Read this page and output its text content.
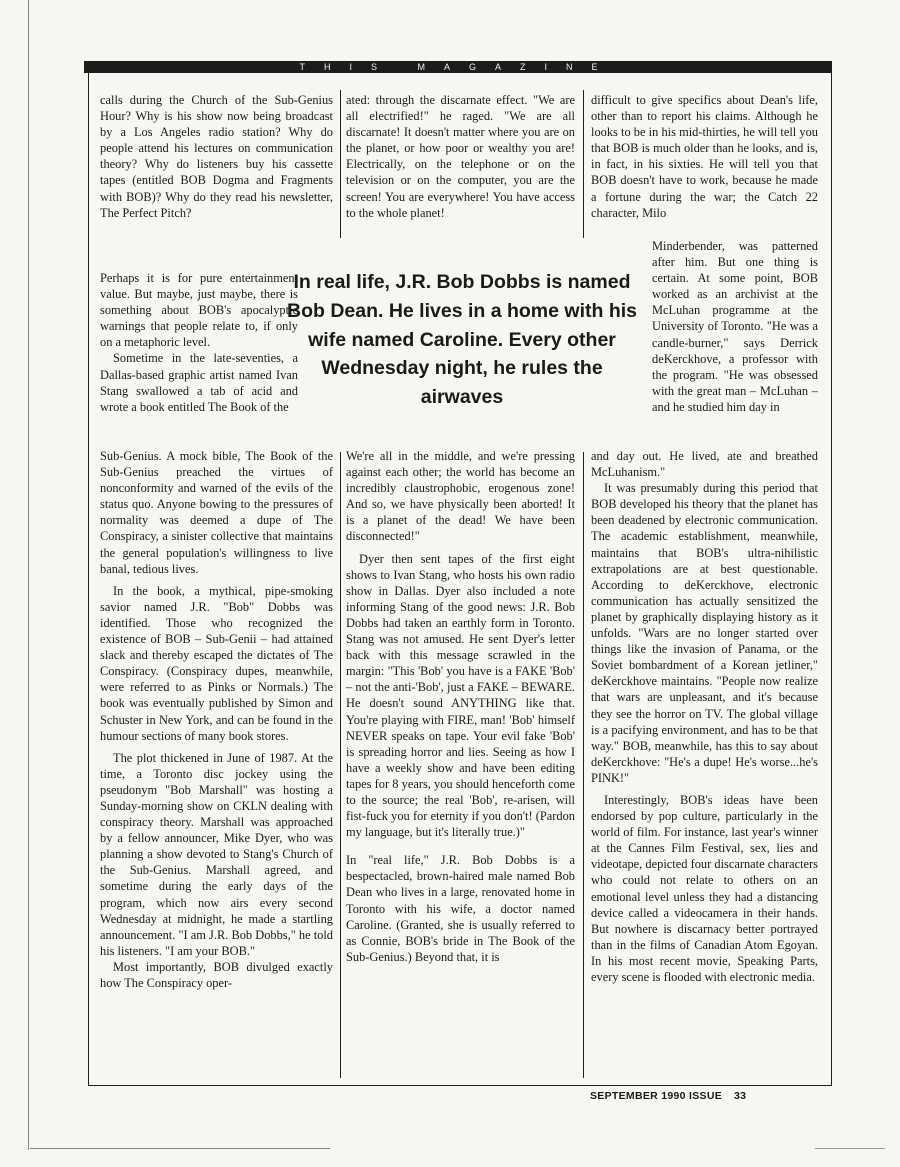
THIS MAGAZINE

calls during the Church of the Sub-Genius Hour? Why is his show now being broadcast by a Los Angeles radio station? Why do people attend his lectures on communication theory? Why do listeners buy his cassette tapes (entitled BOB Dogma and Fragments with BOB)? Why do they read his newsletter, The Perfect Pitch?

Perhaps it is for pure entertainment value. But maybe, just maybe, there is something about BOB's apocalyptic warnings that people relate to, if only on a metaphoric level.

Sometime in the late-seventies, a Dallas-based graphic artist named Ivan Stang swallowed a tab of acid and wrote a book entitled The Book of the

Sub-Genius. A mock bible, The Book of the Sub-Genius preached the virtues of nonconformity and warned of the evils of the status quo. Anyone bowing to the pressures of normality was deemed a dupe of The Conspiracy, a sinister collective that maintains the general population's willingness to live banal, tedious lives.

In the book, a mythical, pipe-smoking savior named J.R. "Bob" Dobbs was identified. Those who recognized the existence of BOB – Sub-Genii – had attained slack and thereby escaped the dictates of The Conspiracy. (Conspiracy dupes, meanwhile, were referred to as Pinks or Normals.) The book was eventually published by Simon and Schuster in New York, and can be found in the humour sections of many book stores.

The plot thickened in June of 1987. At the time, a Toronto disc jockey using the pseudonym "Bob Marshall" was hosting a Sunday-morning show on CKLN dealing with conspiracy theory. Marshall was approached by a fellow announcer, Mike Dyer, who was planning a show devoted to Stang's Church of the Sub-Genius. Marshall agreed, and sometime during the early days of the program, which now airs every second Wednesday at midnight, he made a startling announcement. "I am J.R. Bob Dobbs," he told his listeners. "I am your BOB."

Most importantly, BOB divulged exactly how The Conspiracy oper-

ated: through the discarnate effect. "We are all electrified!" he raged. "We are all discarnate! It doesn't matter where you are on the planet, or how poor or wealthy you are! Electrically, on the telephone or on the television or on the computer, you are the screen! You are everywhere! You have access to the whole planet!

We're all in the middle, and we're pressing against each other; the world has become an incredibly claustrophobic, erogenous zone! And so, we have physically been aborted! It is a planet of the dead! We have been disconnected!"

Dyer then sent tapes of the first eight shows to Ivan Stang, who hosts his own radio show in Dallas. Dyer also included a note informing Stang of the good news: J.R. Bob Dobbs had taken an earthly form in Toronto. Stang was not amused. He sent Dyer's letter back with this message scrawled in the margin: "This 'Bob' you have is a FAKE 'Bob' – not the anti-'Bob', just a FAKE – BEWARE. He doesn't sound ANYTHING like that. You're playing with FIRE, man! 'Bob' himself NEVER speaks on tape. Your evil fake 'Bob' is spreading horror and lies. Seeing as how I have a weekly show and have been editing tapes for 8 years, you should henceforth come to the source; the real 'Bob', re-arisen, will fist-fuck you for eternity if you don't! (Pardon my language, but it's literally true.)"

In "real life," J.R. Bob Dobbs is a bespectacled, brown-haired male named Bob Dean who lives in a large, renovated home in Toronto with his wife, a doctor named Caroline. (Granted, she is usually referred to as Connie, BOB's bride in The Book of the Sub-Genius.) Beyond that, it is

difficult to give specifics about Dean's life, other than to report his claims. Although he looks to be in his mid-thirties, he will tell you that BOB is much older than he looks, and is, in fact, in his sixties. He will tell you that BOB doesn't have to work, because he made a fortune during the war; the Catch 22 character, Milo

Minderbender, was patterned after him. But one thing is certain. At some point, BOB worked as an archivist at the McLuhan programme at the University of Toronto. "He was a candle-burner," says Derrick deKerckhove, a professor with the program. "He was obsessed with the great man – McLuhan – and he studied him day in

and day out. He lived, ate and breathed McLuhanism."

It was presumably during this period that BOB developed his theory that the planet has been deadened by electronic communication. The academic establishment, meanwhile, maintains that BOB's ultra-nihilistic extrapolations are at best questionable. According to deKerckhove, electronic communication has actually sensitized the planet by graphically displaying history as it unfolds. "Wars are no longer started over things like the invasion of Panama, or the Soviet bombardment of a Korean jetliner," deKerckhove maintains. "People now realize that wars are unpleasant, and it's because they see the horror on TV. The global village is a pacifying environment, and has to be that way." BOB, meanwhile, has this to say about deKerckhove: "He's a dupe! He's worse...he's PINK!"

Interestingly, BOB's ideas have been endorsed by pop culture, particularly in the world of film. For instance, last year's winner at the Cannes Film Festival, sex, lies and videotape, depicted four discarnate characters who could not relate to others on an emotional level unless they had a distancing device called a videocamera in their hands. But nowhere is discarnacy better portrayed than in the films of Canadian Atom Egoyan. In his most recent movie, Speaking Parts, every scene is flooded with electronic media.

In real life, J.R. Bob Dobbs is named Bob Dean. He lives in a home with his wife named Caroline. Every other Wednesday night, he rules the airwaves
SEPTEMBER 1990 ISSUE 33
